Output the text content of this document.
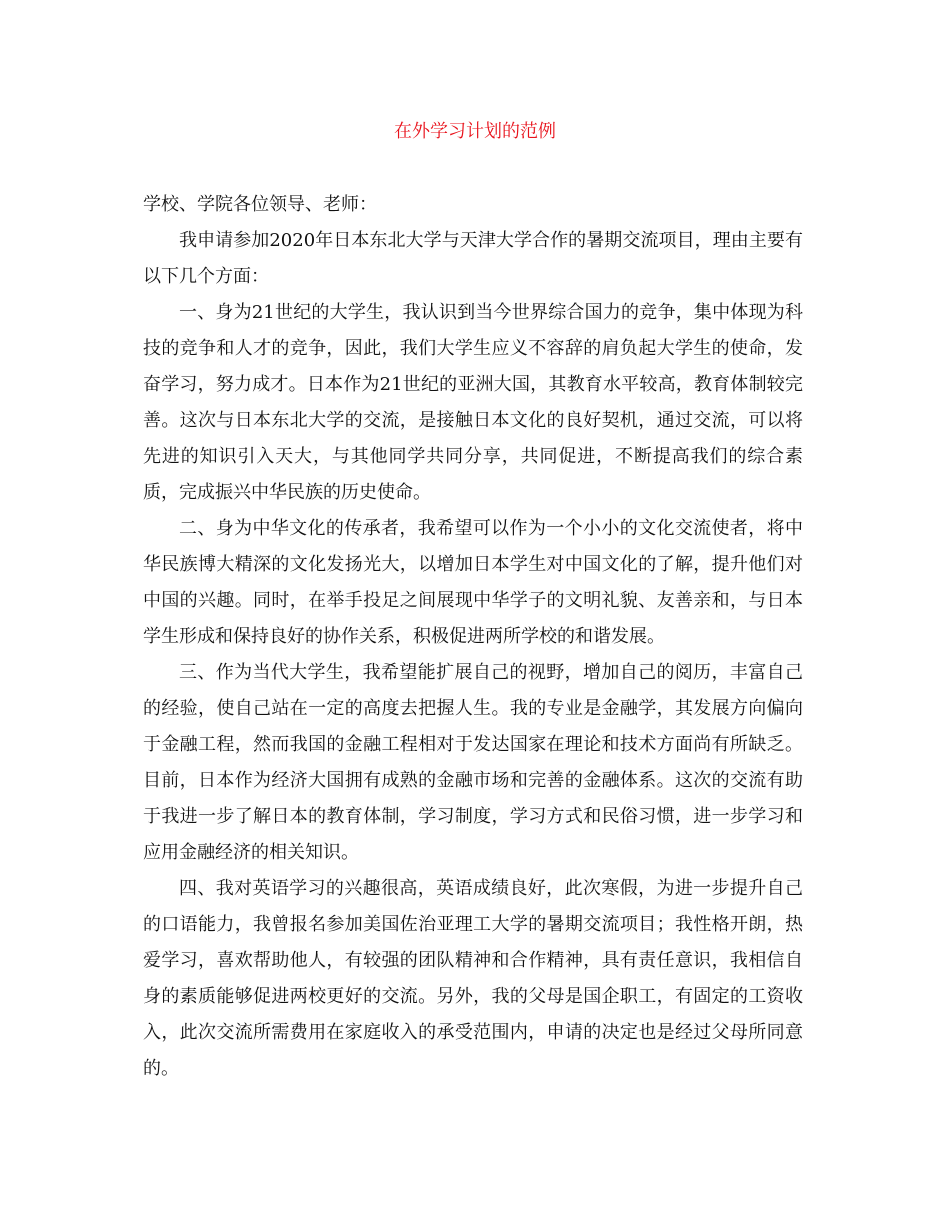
在外学习计划的范例

学校、学院各位领导、老师：

我申请参加2020年日本东北大学与天津大学合作的暑期交流项目，理由主要有以下几个方面：

一、身为21世纪的大学生，我认识到当今世界综合国力的竞争，集中体现为科技的竞争和人才的竞争，因此，我们大学生应义不容辞的肩负起大学生的使命，发奋学习，努力成才。日本作为21世纪的亚洲大国，其教育水平较高，教育体制较完善。这次与日本东北大学的交流，是接触日本文化的良好契机，通过交流，可以将先进的知识引入天大，与其他同学共同分享，共同促进，不断提高我们的综合素质，完成振兴中华民族的历史使命。

二、身为中华文化的传承者，我希望可以作为一个小小的文化交流使者，将中华民族博大精深的文化发扬光大，以增加日本学生对中国文化的了解，提升他们对中国的兴趣。同时，在举手投足之间展现中华学子的文明礼貌、友善亲和，与日本学生形成和保持良好的协作关系，积极促进两所学校的和谐发展。

三、作为当代大学生，我希望能扩展自己的视野，增加自己的阅历，丰富自己的经验，使自己站在一定的高度去把握人生。我的专业是金融学，其发展方向偏向于金融工程，然而我国的金融工程相对于发达国家在理论和技术方面尚有所缺乏。目前，日本作为经济大国拥有成熟的金融市场和完善的金融体系。这次的交流有助于我进一步了解日本的教育体制，学习制度，学习方式和民俗习惯，进一步学习和应用金融经济的相关知识。

四、我对英语学习的兴趣很高，英语成绩良好，此次寒假，为进一步提升自己的口语能力，我曾报名参加美国佐治亚理工大学的暑期交流项目；我性格开朗，热爱学习，喜欢帮助他人，有较强的团队精神和合作精神，具有责任意识，我相信自身的素质能够促进两校更好的交流。另外，我的父母是国企职工，有固定的工资收入，此次交流所需费用在家庭收入的承受范围内，申请的决定也是经过父母所同意的。
